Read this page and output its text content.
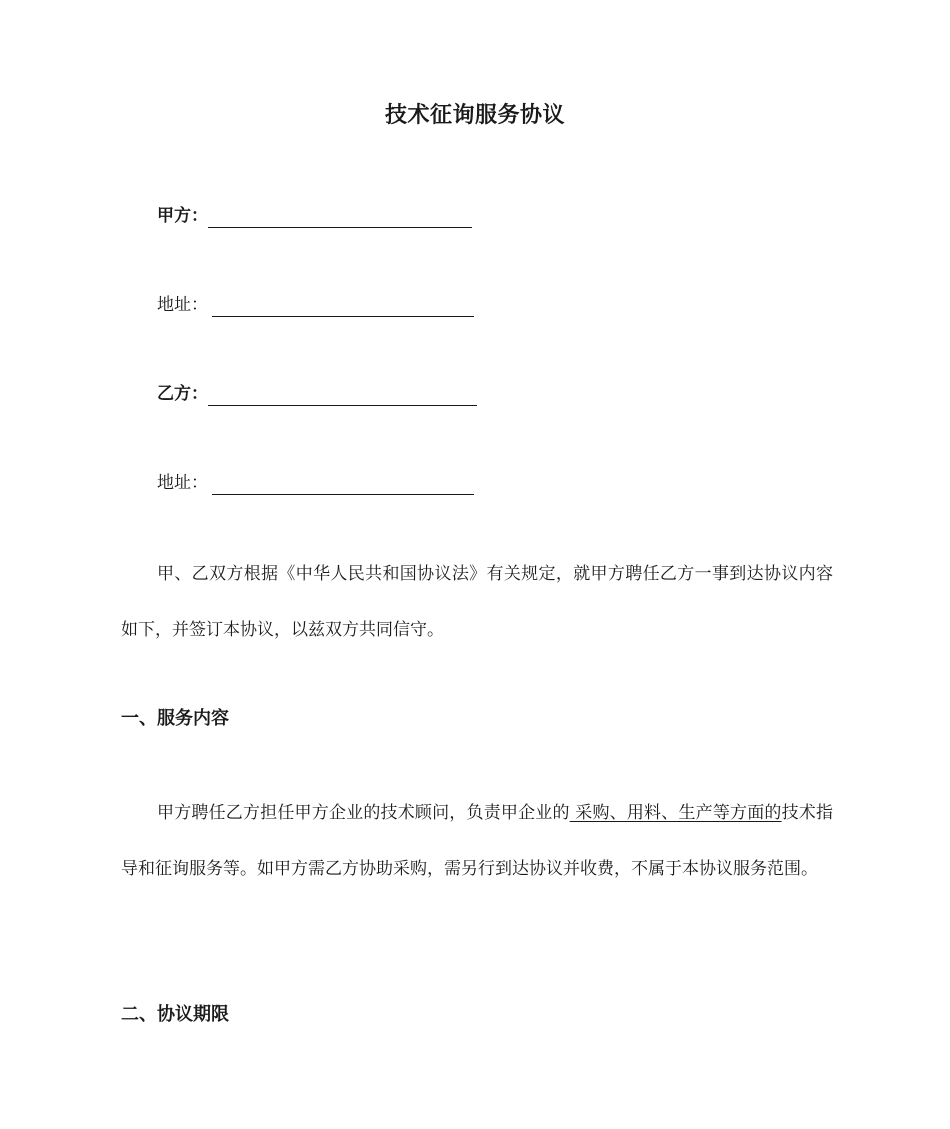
技术征询服务协议
甲方：
地址：
乙方：
地址：

甲、乙双方根据《中华人民共和国协议法》有关规定，就甲方聘任乙方一事到达协议内容如下，并签订本协议，以兹双方共同信守。

一、服务内容

甲方聘任乙方担任甲方企业的技术顾问，负责甲企业的 采购、用料、生产等方面的技术指导和征询服务等。如甲方需乙方协助采购，需另行到达协议并收费，不属于本协议服务范围。

二、协议期限
